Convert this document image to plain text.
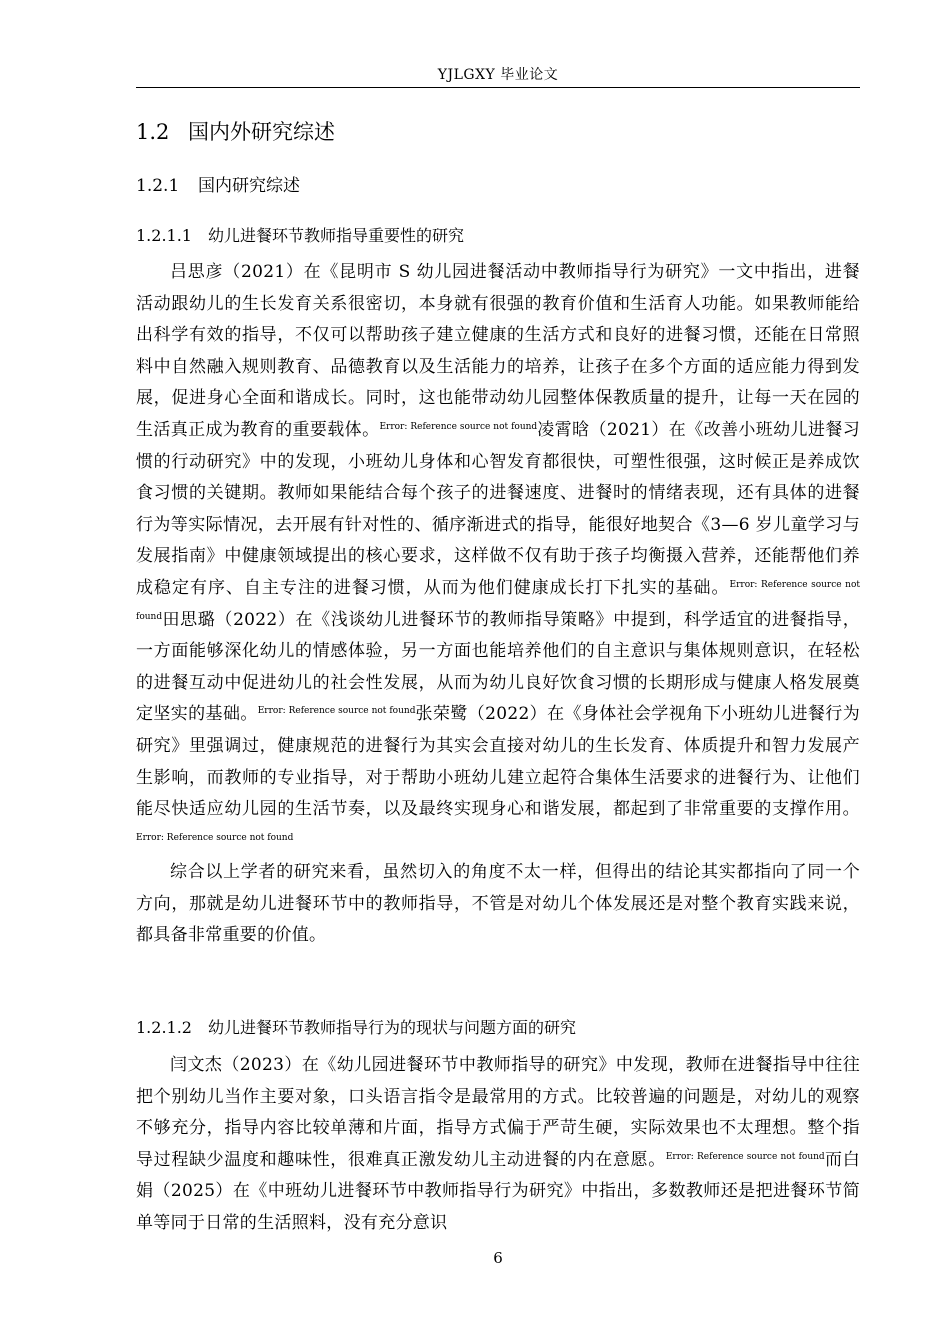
YJLGXY 毕业论文
1.2 国内外研究综述
1.2.1 国内研究综述
1.2.1.1 幼儿进餐环节教师指导重要性的研究

吕思彦（2021）在《昆明市 S 幼儿园进餐活动中教师指导行为研究》一文中指出，进餐活动跟幼儿的生长发育关系很密切，本身就有很强的教育价值和生活育人功能。如果教师能给出科学有效的指导，不仅可以帮助孩子建立健康的生活方式和良好的进餐习惯，还能在日常照料中自然融入规则教育、品德教育以及生活能力的培养，让孩子在多个方面的适应能力得到发展，促进身心全面和谐成长。同时，这也能带动幼儿园整体保教质量的提升，让每一天在园的生活真正成为教育的重要载体。$^{Error: Reference source not found}$凌霄晗（2021）在《改善小班幼儿进餐习惯的行动研究》中的发现，小班幼儿身体和心智发育都很快，可塑性很强，这时候正是养成饮食习惯的关键期。教师如果能结合每个孩子的进餐速度、进餐时的情绪表现，还有具体的进餐行为等实际情况，去开展有针对性的、循序渐进式的指导，能很好地契合《3—6 岁儿童学习与发展指南》中健康领域提出的核心要求，这样做不仅有助于孩子均衡摄入营养，还能帮他们养成稳定有序、自主专注的进餐习惯，从而为他们健康成长打下扎实的基础。$^{Error: Reference source not found}$田思璐（2022）在《浅谈幼儿进餐环节的教师指导策略》中提到，科学适宜的进餐指导，一方面能够深化幼儿的情感体验，另一方面也能培养他们的自主意识与集体规则意识，在轻松的进餐互动中促进幼儿的社会性发展，从而为幼儿良好饮食习惯的长期形成与健康人格发展奠定坚实的基础。$^{Error: Reference source not found}$张荣鹭（2022）在《身体社会学视角下小班幼儿进餐行为研究》里强调过，健康规范的进餐行为其实会直接对幼儿的生长发育、体质提升和智力发展产生影响，而教师的专业指导，对于帮助小班幼儿建立起符合集体生活要求的进餐行为、让他们能尽快适应幼儿园的生活节奏，以及最终实现身心和谐发展，都起到了非常重要的支撑作用。$^{Error: Reference source not found}$

综合以上学者的研究来看，虽然切入的角度不太一样，但得出的结论其实都指向了同一个方向，那就是幼儿进餐环节中的教师指导，不管是对幼儿个体发展还是对整个教育实践来说，都具备非常重要的价值。

1.2.1.2 幼儿进餐环节教师指导行为的现状与问题方面的研究

闫文杰（2023）在《幼儿园进餐环节中教师指导的研究》中发现，教师在进餐指导中往往把个别幼儿当作主要对象，口头语言指令是最常用的方式。比较普遍的问题是，对幼儿的观察不够充分，指导内容比较单薄和片面，指导方式偏于严苛生硬，实际效果也不太理想。整个指导过程缺少温度和趣味性，很难真正激发幼儿主动进餐的内在意愿。$^{Error: Reference source not found}$而白娟（2025）在《中班幼儿进餐环节中教师指导行为研究》中指出，多数教师还是把进餐环节简单等同于日常的生活照料，没有充分意识

6
